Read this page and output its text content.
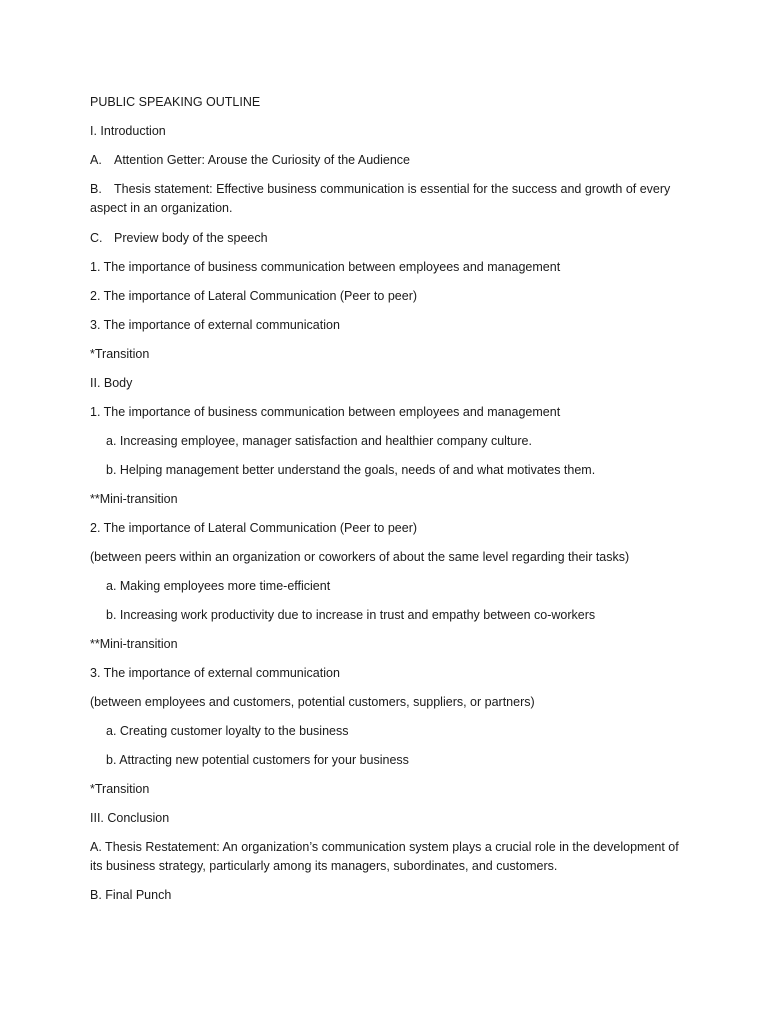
PUBLIC SPEAKING OUTLINE
I. Introduction
A. Attention Getter: Arouse the Curiosity of the Audience
B. Thesis statement: Effective business communication is essential for the success and growth of every aspect in an organization.
C. Preview body of the speech
1. The importance of business communication between employees and management
2. The importance of Lateral Communication (Peer to peer)
3. The importance of external communication
*Transition
II. Body
1. The importance of business communication between employees and management
a. Increasing employee, manager satisfaction and healthier company culture.
b. Helping management better understand the goals, needs of and what motivates them.
**Mini-transition
2. The importance of Lateral Communication (Peer to peer)
(between peers within an organization or coworkers of about the same level regarding their tasks)
a. Making employees more time-efficient
b. Increasing work productivity due to increase in trust and empathy between co-workers
**Mini-transition
3. The importance of external communication
(between employees and customers, potential customers, suppliers, or partners)
a. Creating customer loyalty to the business
b. Attracting new potential customers for your business
*Transition
III. Conclusion
A. Thesis Restatement: An organization’s communication system plays a crucial role in the development of its business strategy, particularly among its managers, subordinates, and customers.
B. Final Punch
